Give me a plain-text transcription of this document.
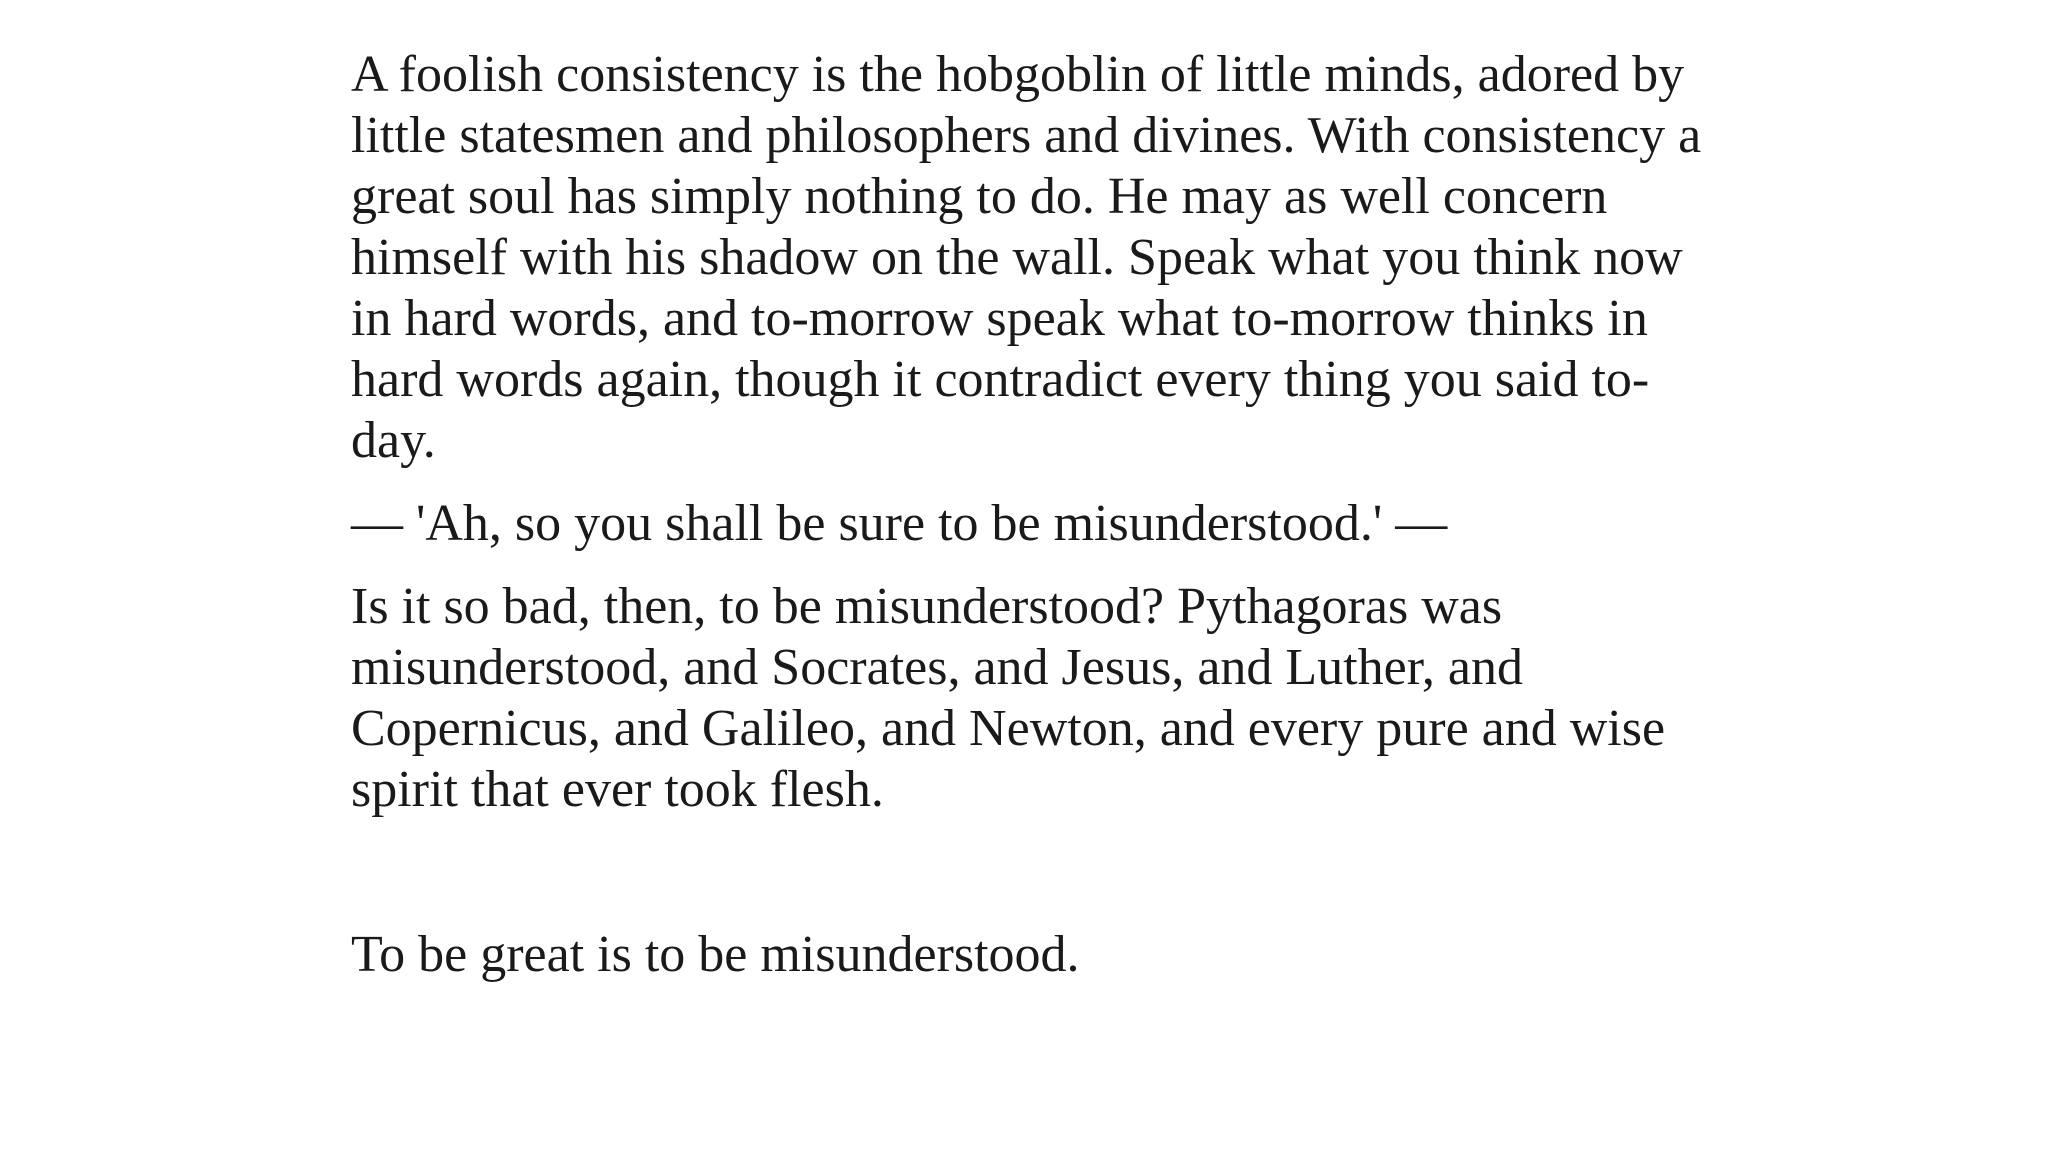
A foolish consistency is the hobgoblin of little minds, adored by little statesmen and philosophers and divines. With consistency a great soul has simply nothing to do. He may as well concern himself with his shadow on the wall. Speak what you think now in hard words, and to-morrow speak what to-morrow thinks in hard words again, though it contradict every thing you said to-day.

— 'Ah, so you shall be sure to be misunderstood.' —

Is it so bad, then, to be misunderstood? Pythagoras was misunderstood, and Socrates, and Jesus, and Luther, and Copernicus, and Galileo, and Newton, and every pure and wise spirit that ever took flesh.

To be great is to be misunderstood.
